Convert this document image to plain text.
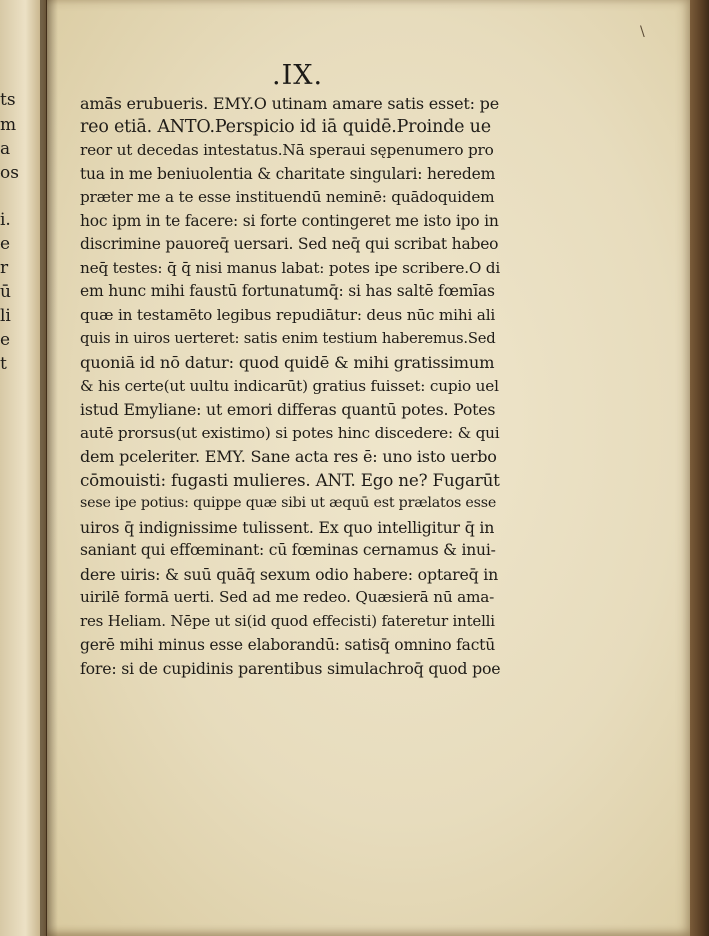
ts
m
a
os
i.
e
r
ū
li
e
t
\
.IX.
amā̄s erubueris. EMY.O utinam amare satis esset: pe
reo etiā. ANTO.Perspicio id iā quidē.Proinde ue
reor ut decedas intestatus.Nā speraui sępenumero pro
tua in me beniuolentia & charitate singulari: heredem
prӕter me a te esse instituendū neminē: quādoquidem
hoc ipm in te facere: si forte contingeret me isto ipo in
discrimine pauoreq̄ uersari. Sed neq̄ qui scribat habeo
neq̄ testes: q̄ q̄ nisi manus labat: potes ipe scribere.O di
em hunc mihi faustū fortunatumq̄: si has saltē fœmīas
quӕ in testamēto legibus repudiātur: deus nūc mihi ali
quis in uiros uerteret: satis enim testium haberemus.Sed
quoniā id nō datur: quod quidē & mihi gratissimum
& his certe(ut uultu indicarūt) gratius fuisset: cupio uel
istud Emyliane: ut emori differas quantū potes. Potes
autē prorsus(ut existimo) si potes hinc discedere: & qui
dem pceleriter. EMY. Sane acta res ē: uno isto uerbo
cōmouisti: fugasti mulieres. ANT. Ego ne? Fugarūt
sese ipe potius: quippe quӕ sibi ut ӕquū est prӕlatos esse
uiros q̄ indignissime tulissent. Ex quo intelligitur q̄ in
saniant qui effœminant: cū fœminas cernamus & inui-
dere uiris: & suū quāq̄ sexum odio habere: optareq̄ in
uirilē formā uerti. Sed ad me redeo. Quӕsierā nū ama-
res Heliam. Nēpe ut si(id quod effecisti) fateretur intelli
gerē mihi minus esse elaborandū: satisq̄ omnino factū
fore: si de cupidinis parentibus simulachroq̄ quod poe
